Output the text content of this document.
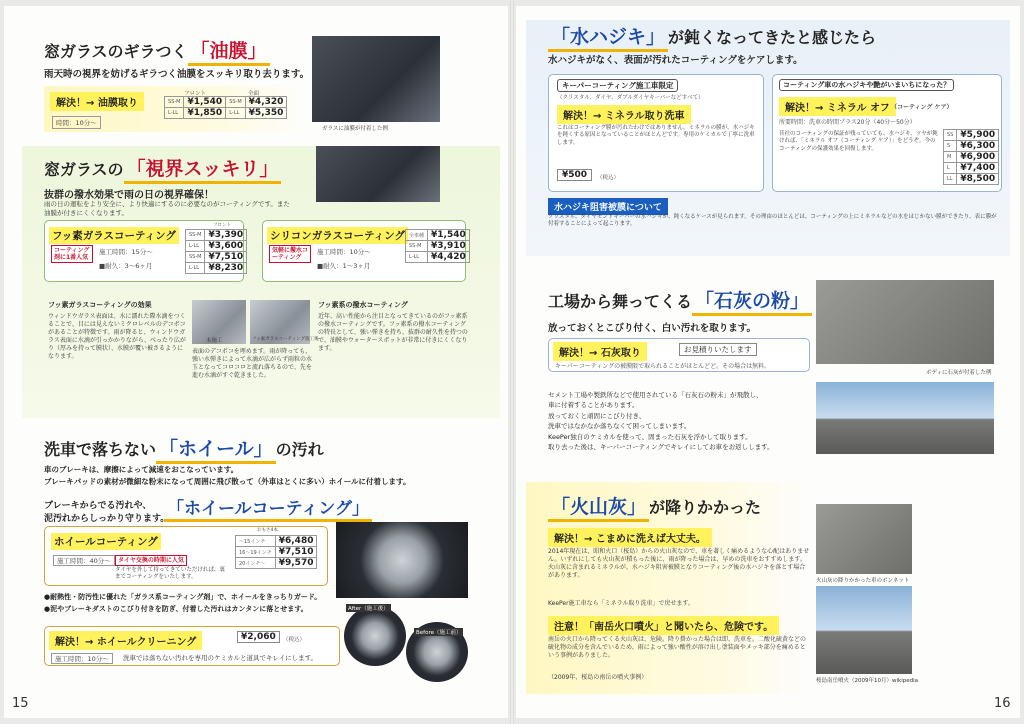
窓ガラスのギラつく 「油膜」
雨天時の視界を妨げるギラつく油膜をスッキリ取り去ります。
解決！→ 油膜取り
時間：10分～
フロント	全面
SS-M	¥1,540	SS-M	¥4,320
L-LL	¥1,850	L-LL	¥5,350
ガラスに油膜が付着した例
窓ガラスの 「視界スッキリ」
抜群の撥水効果で雨の日の視界確保！
雨の日の運転をより安全に、より快適にするのに必要なのがコーティングです。また油膜が付きにくくなります。
フッ素ガラスコーティング
コーティング剤に1番人気
施工時間：15分～
■耐久：3～6ヶ月
フロント
SS-M	¥3,390
L-LL	¥3,600
SS-M	¥7,510
L-LL	¥8,230
シリコンガラスコーティング
気軽に撥水コーティング
施工時間：10分～
■耐久：1～3ヶ月
全車種	¥1,540
SS-M	¥3,910
L-LL	¥4,420
フッ素ガラスコーティングの効果
ウィンドウガラス表面は、水に濡れた際水滴をつくることで、目には見えないミクロレベルのデコボコがあることが特徴です。雨が降ると、ウィンドウガラス表面に水滴が引っかかりながら、べったり広がり（厚みを持って膜状）、水膜が覆い被さるようになります。
未施工	フッ素ガラスコーティング施工後
表面のデコボコを埋めます。雨が降っても、強い水弾きによって水滴が広がらず雨粒の水玉となってコロコロと流れ落ちるので、先を進む水滴がすぐ乾きました。
フッ素系の撥水コーティング
近年、高い性能から注目となってきているのがフッ素系の撥水コーティングです。フッ素系の撥水コーティングの特長として、強い弾きを持ち、抜群の耐久性を持つので、油膜やウォータースポットが非常に付きにくくなります。
洗車で落ちない 「ホイール」 の汚れ
車のブレーキは、摩擦によって減速をおこなっています。
ブレーキパッドの素材が微細な粉末になって周囲に飛び散って（外車はとくに多い）ホイールに付着します。
ブレーキからでる汚れや、
泥汚れからしっかり守ります。
「ホイールコーティング」
ホイールコーティング
施工時間：40分～	タイヤ交換の時期に人気
タイヤを外して持ってきていただければ、裏までコーティングをいたします。
おもさ4本
～15インチ	¥6,480
16～19インチ	¥7,510
20インチ～	¥9,570
●耐熱性・防汚性に優れた「ガラス系コーティング剤」で、ホイールをきっちりガード。
●泥やブレーキダストのこびり付きを防ぎ、付着した汚れはカンタンに落とせます。
解決！→ ホイールクリーニング	¥2,060	（税込）
施工時間：10分～	洗車では落ちない汚れを専用のケミカルと道具でキレイにします。
After（施工後）
Before（施工前）
15
「水ハジキ」 が鈍くなってきたと感じたら
水ハジキがなく、表面が汚れたコーティングをケアします。
キーパーコーティング施工車限定
（クリスタル、ダイヤ、ダブルダイヤキーパーなどすべて）
解決！→ ミネラル取り洗車
これはコーティング膜が汚れたわけではありません。ミネラルの膜が、水ハジキを鈍くする原因となっていることがほとんどです。専用のケミカルで丁寧に洗車します。
¥500	（税込）
コーティング車の水ハジキや艶がいまいちになった？
解決！→ ミネラル オフ （コーティング ケア）
所要時間：洗車の時間プラス20分（40分～50分）
昔社のコーティングの保証が残っていても、水ハジキ、ツヤが鈍ければ、「ミネラル オフ（コーティング ケア）」をどうぞ。今のコーティングの保護効果を回復します。
SS	¥5,900
S	¥6,300
M	¥6,900
L	¥7,400
LL	¥8,500
水ハジキ阻害被膜について
クリスタル、ダイヤモンドキーパーの水ハジキが、鈍くなるケースが見られます。その理由のほとんどは、コーティングの上にミネラルなどの水をはじかない膜ができたり、表に膜が付着することによって起こります。
工場から舞ってくる 「石灰の粉」
ボディに石灰が付着した例
放っておくとこびり付く、白い汚れを取ります。
解決！→ 石灰取り	お見積りいたします
キーパーコーティングの被膜限で取られることがほとんどど。その場合は無料。
セメント工場や製鉄所などで使用されている「石灰石の粉末」が飛散し、
車に付着することがあります。
放っておくと頑固にこびり付き、
洗車ではなかなか落ちなくて困ってしまいます。
KeePer独自のケミカルを使って、固まった石灰を浮かして取ります。
取り去った後は、キーパーコーティングでキレイにしてお車をお返しします。
「火山灰」 が降りかかった
解決！→ こまめに洗えば大丈夫。
2014年現在は、昭和火口（桜島）からの火山灰なので、車を著しく痛めるような心配はありません。いずれにしても火山灰が積もった後に、雨が降った場合は、早めの洗車をおすすめします。火山灰に含まれるミネラルが、水ハジキ阻害被膜となりコーティング後の水ハジキを落とす場合があります。
KeePer施工車なら「ミネラル取り洗車」で戻せます。
注意！「南岳火口噴火」と聞いたら、危険です。
南岳の火口から降ってくる火山灰は、危険。降り掛かった場合は即、洗車を。二酸化硫黄などの硫化物の成分を含んでいるため、雨によって強い酸性が溶け出し塗装面やメッキ部分を痛めるという事例がありました。
（2009年、桜島の南岳の噴火事例）
火山灰の降りかかった車のボンネット
桜島南岳噴火（2009年10月）wikipedia
16
